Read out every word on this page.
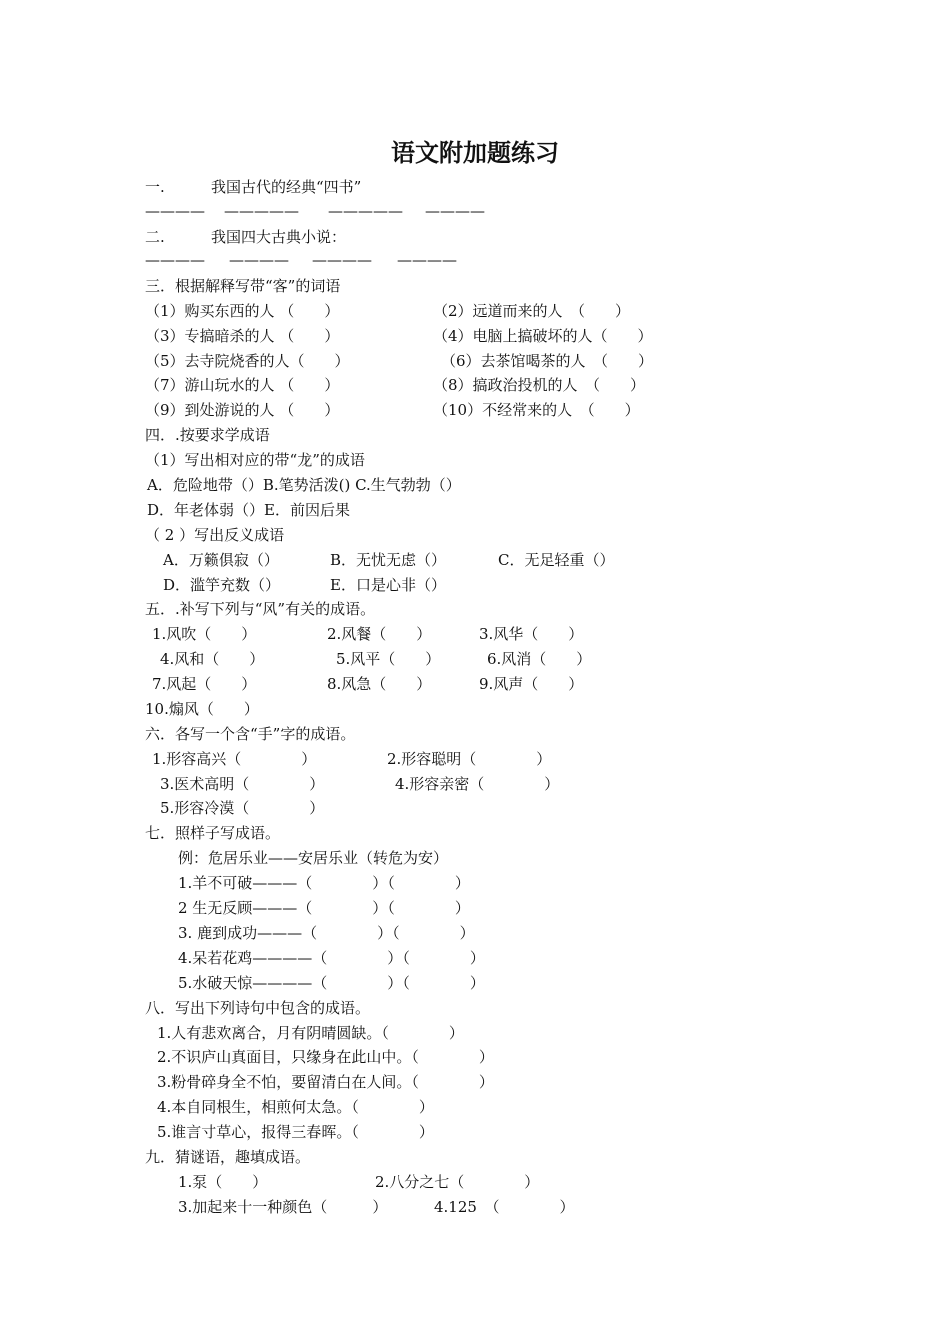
语文附加题练习
一.	我国古代的经典“四书”
———— ————— ————— ————
二.	我国四大古典小说：
———— ———— ———— ————
三．根据解释写带“客”的词语
（1）购买东西的人 （　　）	（2）远道而来的人　（　　）
（3）专搞暗杀的人 （　　）	（4）电脑上搞破坏的人（　　）
（5）去寺院烧香的人（　　）	（6）去茶馆喝茶的人　（　　）
（7）游山玩水的人 （　　）	（8）搞政治投机的人　（　　）
（9）到处游说的人 （　　）	（10）不经常来的人　（　　）
四．.按要求学成语
（1）写出相对应的带“龙”的成语
A．危险地带（）B.笔势活泼() C.生气勃勃（）
D．年老体弱（）E．前因后果
（ 2 ）写出反义成语
A．万籁俱寂（）	B．无忧无虑（）	C．无足轻重（）
D．滥竽充数（）	E．口是心非（）
五．.补写下列与“风”有关的成语。
1.风吹（　　）	2.风餐（　　）	3.风华（　　）
4.风和（　　）	5.风平（　　）	6.风消（　　）
7.风起（　　）	8.风急（　　）	9.风声（　　）
10.煽风（　　）
六．各写一个含“手”字的成语。
1.形容高兴（　　　　）	2.形容聪明（　　　　）
3.医术高明（　　　　）	4.形容亲密（　　　　）
5.形容冷漠（　　　　）
七．照样子写成语。
例：危居乐业——安居乐业（转危为安）
1.羊不可破———（　　　　）（　　　　）
2 生无反顾———（　　　　）（　　　　）
3. 鹿到成功———（　　　　）（　　　　）
4.呆若花鸡————（　　　　）（　　　　）
5.水破天惊————（　　　　）（　　　　）
八．写出下列诗句中包含的成语。
1.人有悲欢离合，月有阴晴圆缺。（　　　　）
2.不识庐山真面目，只缘身在此山中。（　　　　）
3.粉骨碎身全不怕，要留清白在人间。（　　　　）
4.本自同根生，相煎何太急。（　　　　）
5.谁言寸草心，报得三春晖。（　　　　）
九．猜谜语，趣填成语。
1.泵（　　）	2.八分之七（　　　　）
3.加起来十一种颜色（　　　）	4.125　（　　　　）
